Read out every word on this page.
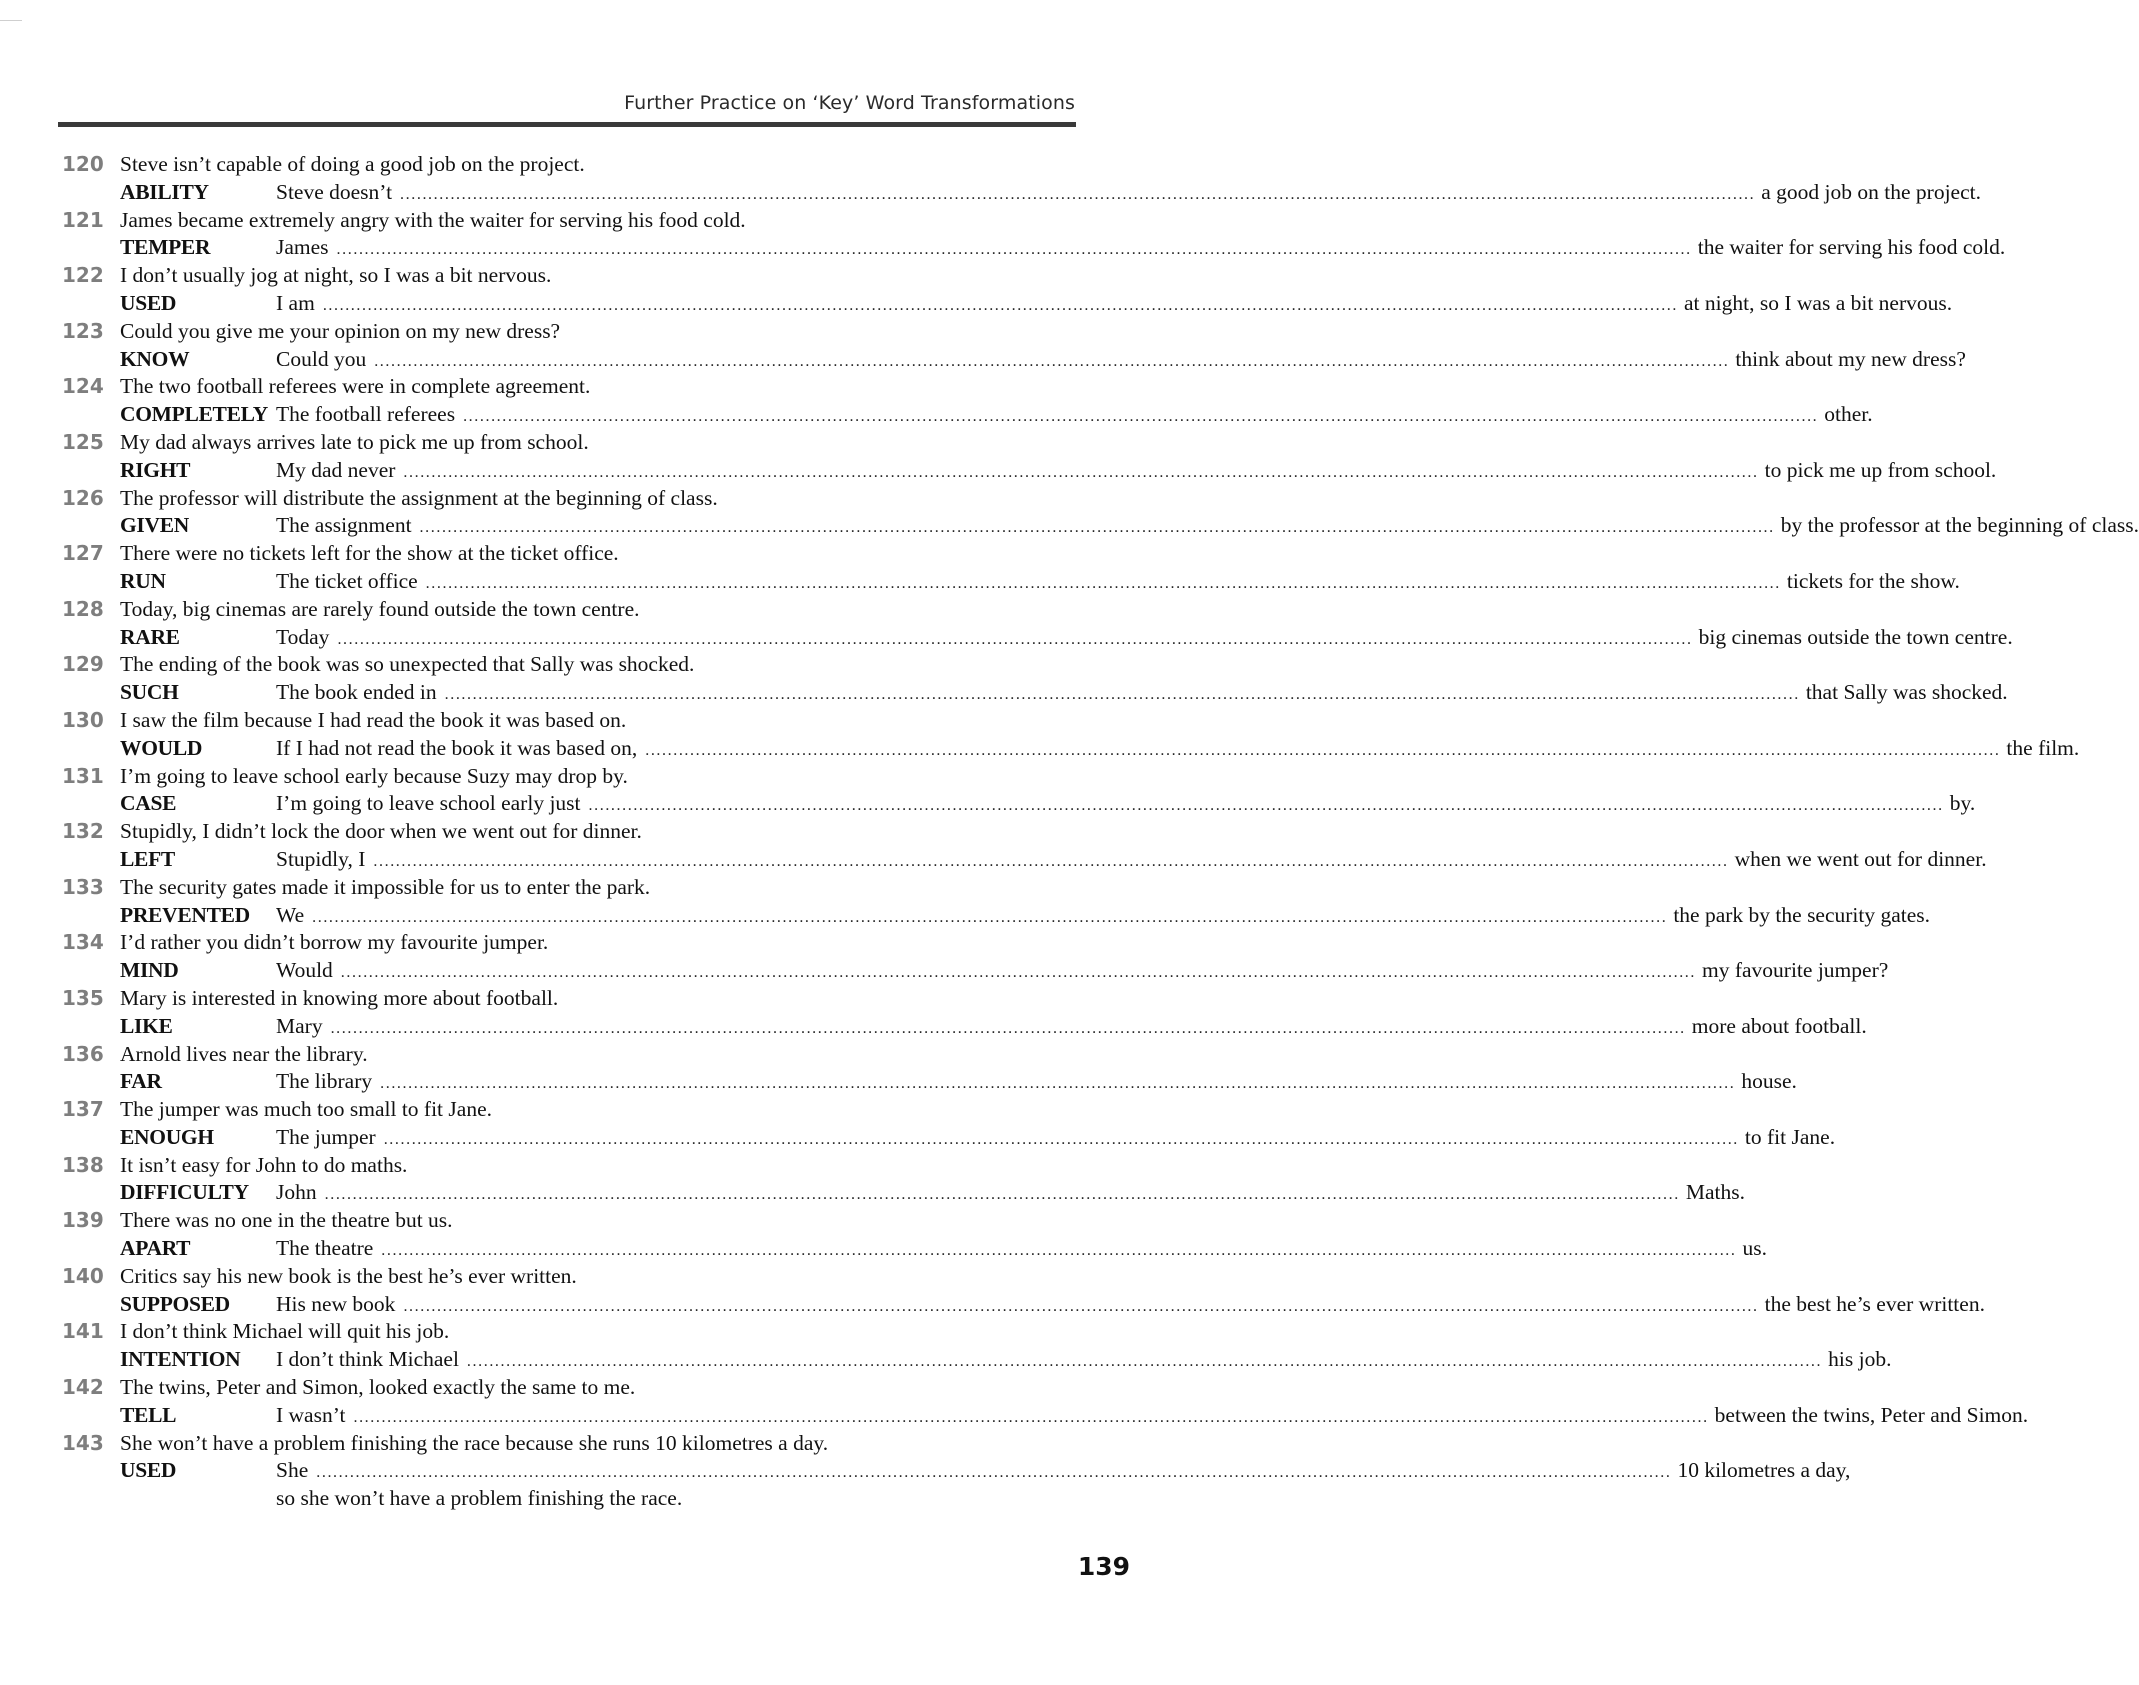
Further Practice on ‘Key’ Word Transformations
120 Steve isn’t capable of doing a good job on the project.
ABILITY	Steve doesn’t .................................................................................................................................................................................................................................................. a good job on the project.
121 James became extremely angry with the waiter for serving his food cold.
TEMPER	James .................................................................................................................................................................................................................................................. the waiter for serving his food cold.
122 I don’t usually jog at night, so I was a bit nervous.
USED	I am .................................................................................................................................................................................................................................................. at night, so I was a bit nervous.
123 Could you give me your opinion on my new dress?
KNOW	Could you .................................................................................................................................................................................................................................................. think about my new dress?
124 The two football referees were in complete agreement.
COMPLETELY The football referees .................................................................................................................................................................................................................................................. other.
125 My dad always arrives late to pick me up from school.
RIGHT	My dad never .................................................................................................................................................................................................................................................. to pick me up from school.
126 The professor will distribute the assignment at the beginning of class.
GIVEN	The assignment .................................................................................................................................................................................................................................................. by the professor at the beginning of class.
127 There were no tickets left for the show at the ticket office.
RUN	The ticket office .................................................................................................................................................................................................................................................. tickets for the show.
128 Today, big cinemas are rarely found outside the town centre.
RARE	Today .................................................................................................................................................................................................................................................. big cinemas outside the town centre.
129 The ending of the book was so unexpected that Sally was shocked.
SUCH	The book ended in .................................................................................................................................................................................................................................................. that Sally was shocked.
130 I saw the film because I had read the book it was based on.
WOULD	If I had not read the book it was based on, .................................................................................................................................................................................................................................................. the film.
131 I’m going to leave school early because Suzy may drop by.
CASE	I’m going to leave school early just .................................................................................................................................................................................................................................................. by.
132 Stupidly, I didn’t lock the door when we went out for dinner.
LEFT	Stupidly, I .................................................................................................................................................................................................................................................. when we went out for dinner.
133 The security gates made it impossible for us to enter the park.
PREVENTED We .................................................................................................................................................................................................................................................. the park by the security gates.
134 I’d rather you didn’t borrow my favourite jumper.
MIND	Would .................................................................................................................................................................................................................................................. my favourite jumper?
135 Mary is interested in knowing more about football.
LIKE	Mary .................................................................................................................................................................................................................................................. more about football.
136 Arnold lives near the library.
FAR	The library .................................................................................................................................................................................................................................................. house.
137 The jumper was much too small to fit Jane.
ENOUGH	The jumper .................................................................................................................................................................................................................................................. to fit Jane.
138 It isn’t easy for John to do maths.
DIFFICULTY John .................................................................................................................................................................................................................................................. Maths.
139 There was no one in the theatre but us.
APART	The theatre .................................................................................................................................................................................................................................................. us.
140 Critics say his new book is the best he’s ever written.
SUPPOSED His new book .................................................................................................................................................................................................................................................. the best he’s ever written.
141 I don’t think Michael will quit his job.
INTENTION I don’t think Michael .................................................................................................................................................................................................................................................. his job.
142 The twins, Peter and Simon, looked exactly the same to me.
TELL	I wasn’t .................................................................................................................................................................................................................................................. between the twins, Peter and Simon.
143 She won’t have a problem finishing the race because she runs 10 kilometres a day.
USED	She .................................................................................................................................................................................................................................................. 10 kilometres a day,
so she won’t have a problem finishing the race.
139
